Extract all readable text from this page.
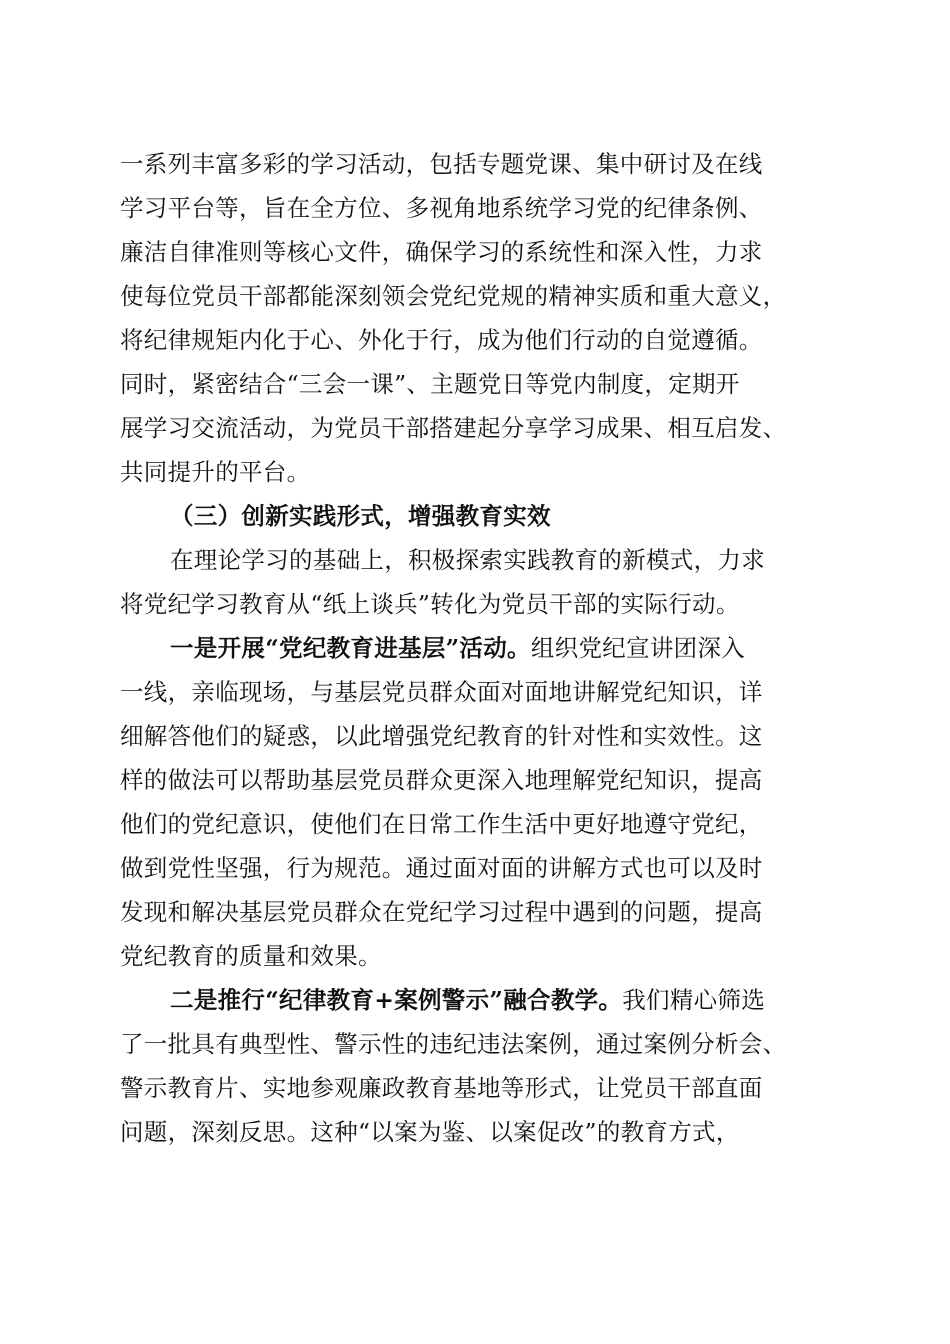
一系列丰富多彩的学习活动，包括专题党课、集中研讨及在线
学习平台等，旨在全方位、多视角地系统学习党的纪律条例、
廉洁自律准则等核心文件，确保学习的系统性和深入性，力求
使每位党员干部都能深刻领会党纪党规的精神实质和重大意义，
将纪律规矩内化于心、外化于行，成为他们行动的自觉遵循。
同时，紧密结合“三会一课”、主题党日等党内制度，定期开
展学习交流活动，为党员干部搭建起分享学习成果、相互启发、
共同提升的平台。
（三）创新实践形式，增强教育实效
在理论学习的基础上，积极探索实践教育的新模式，力求
将党纪学习教育从“纸上谈兵”转化为党员干部的实际行动。
一是开展“党纪教育进基层”活动。组织党纪宣讲团深入
一线，亲临现场，与基层党员群众面对面地讲解党纪知识，详
细解答他们的疑惑，以此增强党纪教育的针对性和实效性。这
样的做法可以帮助基层党员群众更深入地理解党纪知识，提高
他们的党纪意识，使他们在日常工作生活中更好地遵守党纪，
做到党性坚强，行为规范。通过面对面的讲解方式也可以及时
发现和解决基层党员群众在党纪学习过程中遇到的问题，提高
党纪教育的质量和效果。
二是推行“纪律教育+案例警示”融合教学。我们精心筛选
了一批具有典型性、警示性的违纪违法案例，通过案例分析会、
警示教育片、实地参观廉政教育基地等形式，让党员干部直面
问题，深刻反思。这种“以案为鉴、以案促改”的教育方式，
